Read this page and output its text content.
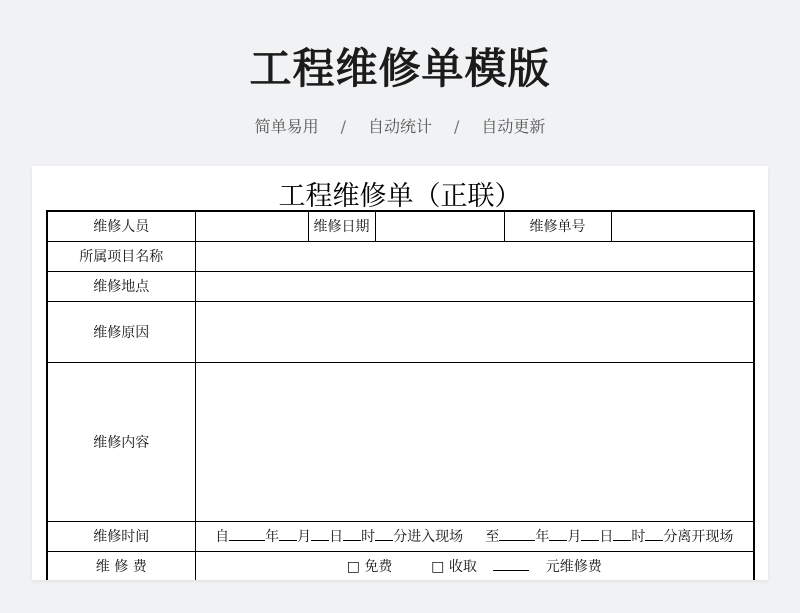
工程维修单模版
简单易用 / 自动统计 / 自动更新
工程维修单（正联）
维修人员		维修日期		维修单号	
所属项目名称					
维修地点					
维修原因					
维修内容					
维修时间	自 年 月 日 时 分进入现场 至 年 月 日 时 分离开现场				
维 修 费	□ 免费 □ 收取 元维修费				
